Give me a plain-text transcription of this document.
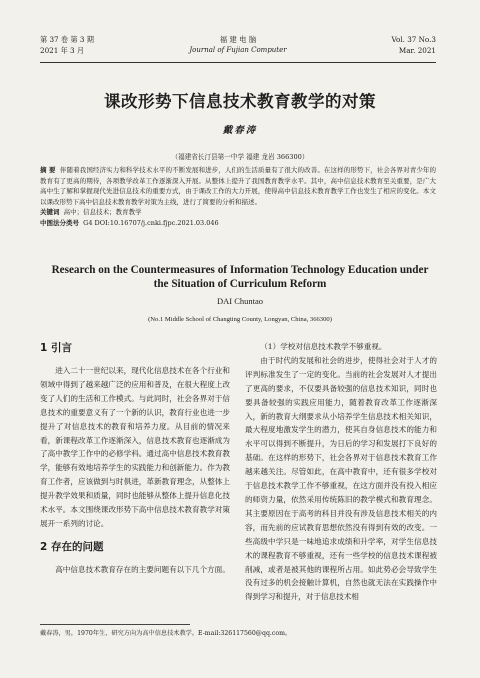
第 37 卷 第 3 期
2021 年 3 月
福 建 电 脑
Journal of Fujian Computer
Vol. 37 No.3
Mar. 2021
课改形势下信息技术教育教学的对策
戴春涛
（福建省长汀县第一中学 福建 龙岩 366300）

摘 要 伴随着我国经济实力和科学技术水平的不断发展和进步，人们的生活质量有了很大的改善。在这样的形势下，社会各界对青少年的教育有了更高的期待，各项教学改革工作逐渐深入开展。从整体上提升了我国教育教学水平。其中，高中信息技术教育至关重要，是广大高中生了解和掌握现代先进信息技术的重要方式，由于课改工作的大力开展，使得高中信息技术教育教学工作也发生了相应的变化。本文以课改形势下高中信息技术教育教学对策为主线，进行了简要的分析和描述。

关键词 高中；信息技术；教育教学

中图法分类号 G4 DOI:10.16707/j.cnki.fjpc.2021.03.046

Research on the Countermeasures of Information Technology Education under the Situation of Curriculum Reform
DAI Chuntao
(No.1 Middle School of Changting County, Longyan, China, 366300)

1 引言

进入二十一世纪以来，现代化信息技术在各个行业和领域中得到了越来越广泛的应用和普及，在很大程度上改变了人们的生活和工作模式。与此同时，社会各界对于信息技术的重要意义有了一个新的认识，教育行业也进一步提升了对信息技术的教育和培养力度。从目前的情况来看，新课程改革工作逐渐深入，信息技术教育也逐渐成为了高中教学工作中的必修学科。通过高中信息技术教育教学，能够有效地培养学生的实践能力和创新能力。作为教育工作者，应该做到与时俱进，革新教育理念，从整体上提升教学效果和质量，同时也能够从整体上提升信息化技术水平。本文围绕课改形势下高中信息技术教育教学对策展开一系列的讨论。

2 存在的问题

高中信息技术教育存在的主要问题有以下几个方面。

（1）学校对信息技术教学不够重视。

由于时代的发展和社会的进步，使得社会对于人才的评判标准发生了一定的变化。当前的社会发展对人才提出了更高的要求，不仅要具备较强的信息技术知识，同时也要具备较强的实践应用能力，随着教育改革工作逐渐深入，新的教育大纲要求从小培养学生信息技术相关知识，最大程度地激发学生的潜力，使其自身信息技术的能力和水平可以得到不断提升，为日后的学习和发展打下良好的基础。在这样的形势下，社会各界对于信息技术教育工作越来越关注。尽管如此，在高中教育中，还有很多学校对于信息技术教学工作不够重视，在这方面并没有投入相应的师资力量，依然采用传统陈旧的教学模式和教育理念。其主要原因在于高考的科目并没有涉及信息技术相关的内容，而先前的应试教育思想依然没有得到有效的改变。一些高级中学只是一味地追求成绩和升学率，对学生信息技术的课程教育不够重视，还有一些学校的信息技术课程被削减，或者是被其他的课程所占用。如此势必会导致学生没有过多的机会接触计算机，自然也就无法在实践操作中得到学习和提升，对于信息技术相

戴春涛，男，1970年生，研究方向为高中信息技术教学。E-mail:326117560@qq.com。
